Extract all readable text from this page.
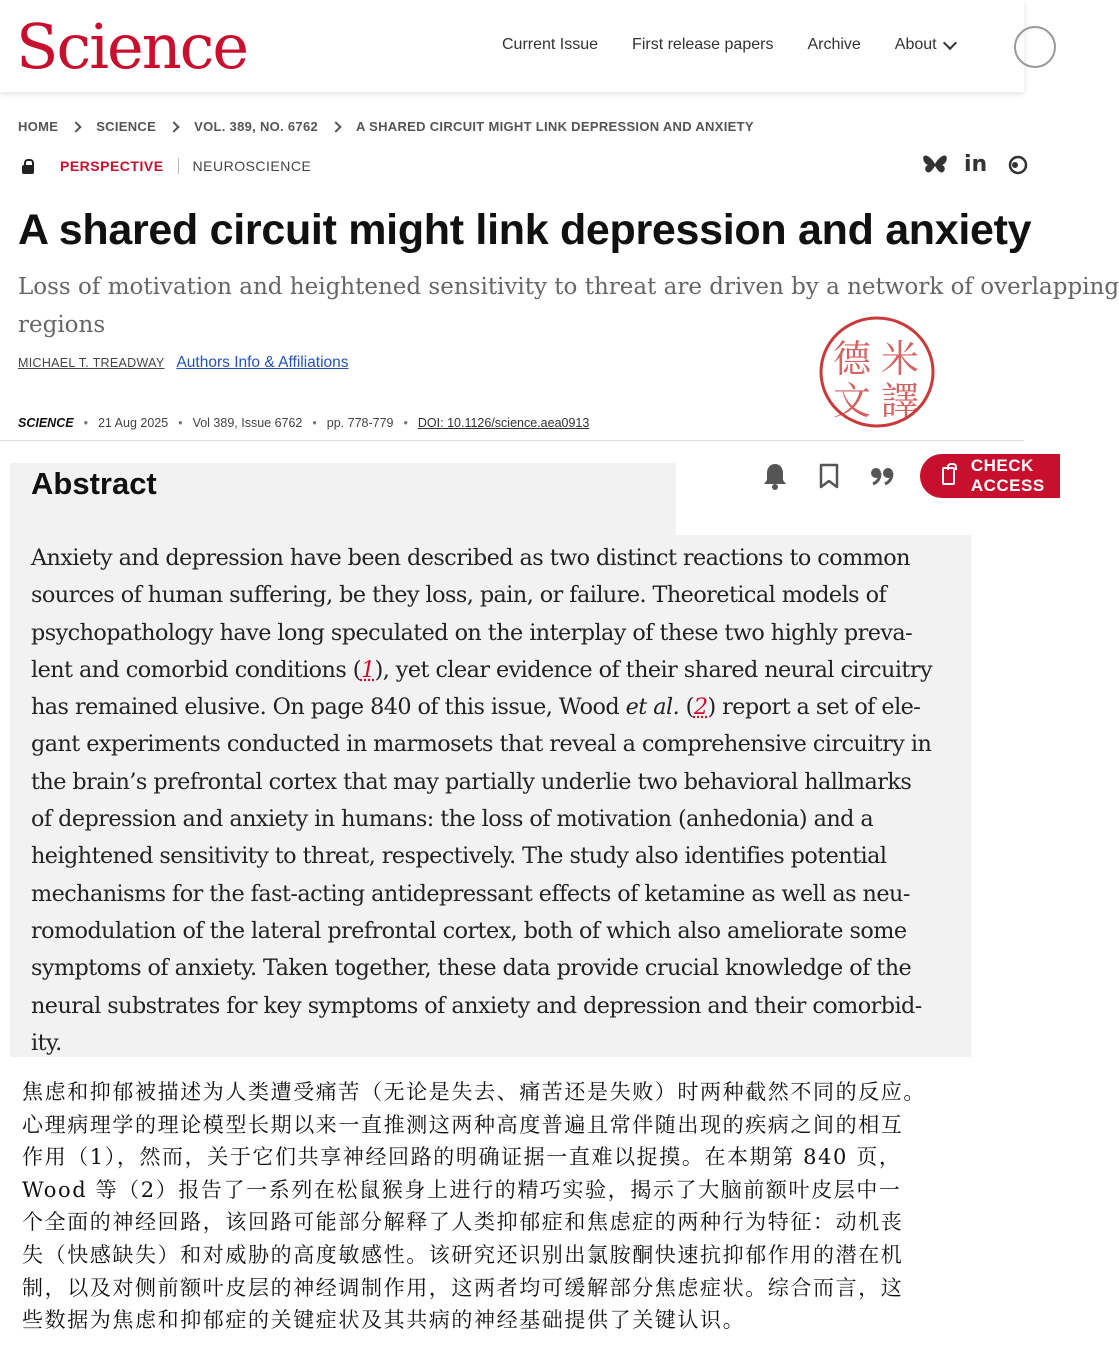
Science	Current Issue First release papers Archive About
HOME	SCIENCE	VOL. 389, NO. 6762	A SHARED CIRCUIT MIGHT LINK DEPRESSION AND ANXIETY
PERSPECTIVE NEUROSCIENCE	in
A shared circuit might link depression and anxiety
Loss of motivation and heightened sensitivity to threat are driven by a network of overlapping
regions
MICHAEL T. TREADWAY Authors Info & Affiliations	德 米
文 譯
SCIENCE • 21 Aug 2025 • Vol 389, Issue 6762 • pp. 778-779 • DOI: 10.1126/science.aea0913
Abstract
CHECK ACCESS
Anxiety and depression have been described as two distinct reactions to common
sources of human suffering, be they loss, pain, or failure. Theoretical models of
psychopathology have long speculated on the interplay of these two highly preva-
lent and comorbid conditions (1), yet clear evidence of their shared neural circuitry
has remained elusive. On page 840 of this issue, Wood et al. (2) report a set of ele-
gant experiments conducted in marmosets that reveal a comprehensive circuitry in
the brain’s prefrontal cortex that may partially underlie two behavioral hallmarks
of depression and anxiety in humans: the loss of motivation (anhedonia) and a
heightened sensitivity to threat, respectively. The study also identifies potential
mechanisms for the fast-acting antidepressant effects of ketamine as well as neu-
romodulation of the lateral prefrontal cortex, both of which also ameliorate some
symptoms of anxiety. Taken together, these data provide crucial knowledge of the
neural substrates for key symptoms of anxiety and depression and their comorbid-
ity.
焦虑和抑郁被描述为人类遭受痛苦（无论是失去、痛苦还是失败）时两种截然不同的反应。
心理病理学的理论模型长期以来一直推测这两种高度普遍且常伴随出现的疾病之间的相互
作用（1），然而，关于它们共享神经回路的明确证据一直难以捉摸。在本期第 840 页，
Wood 等（2）报告了一系列在松鼠猴身上进行的精巧实验，揭示了大脑前额叶皮层中一
个全面的神经回路，该回路可能部分解释了人类抑郁症和焦虑症的两种行为特征：动机丧
失（快感缺失）和对威胁的高度敏感性。该研究还识别出氯胺酮快速抗抑郁作用的潜在机
制，以及对侧前额叶皮层的神经调制作用，这两者均可缓解部分焦虑症状。综合而言，这
些数据为焦虑和抑郁症的关键症状及其共病的神经基础提供了关键认识。
